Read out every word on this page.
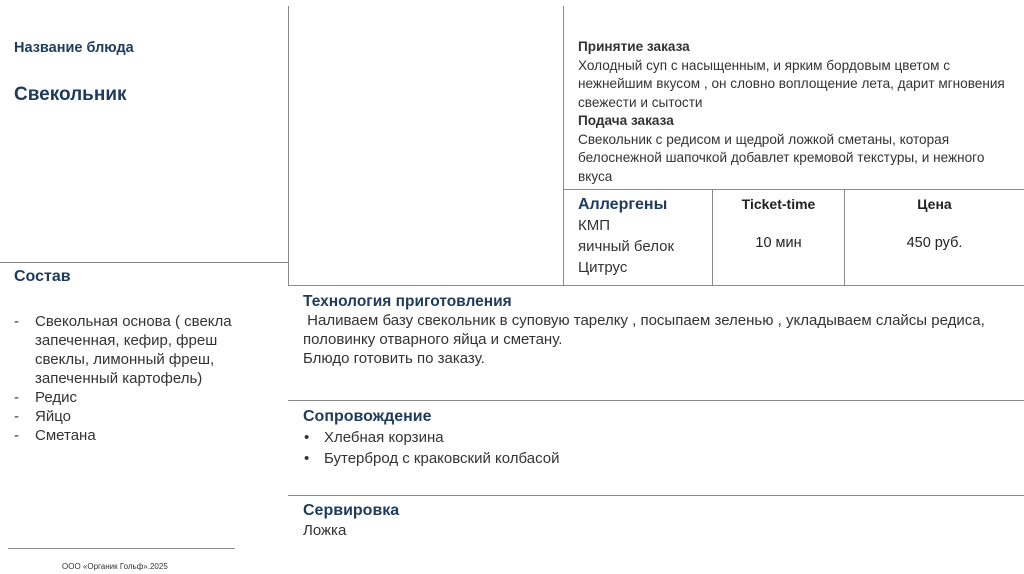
Название блюда
Свекольник
Принятие заказа
Холодный суп с насыщенным, и ярким бордовым цветом с нежнейшим вкусом , он словно воплощение лета, дарит мгновения свежести и сытости
Подача заказа
Свекольник с редисом и щедрой ложкой сметаны, которая белоснежной шапочкой добавлет кремовой текстуры, и нежного вкуса
Аллергены
КМП
яичный белок
Цитрус
Ticket-time
10 мин
Цена
450 руб.
Состав
- Свекольная основа ( свекла запеченная, кефир, фреш свеклы, лимонный фреш, запеченный картофель)
- Редис
- Яйцо
- Сметана
Технология приготовления
Наливаем базу свекольник в суповую тарелку , посыпаем зеленью , укладываем слайсы редиса, половинку отварного яйца и сметану.
Блюдо готовить по заказу.
Сопровождение
• Хлебная корзина
• Бутерброд с краковский колбасой
Сервировка
Ложка
ООО «Органик Гольф».2025
